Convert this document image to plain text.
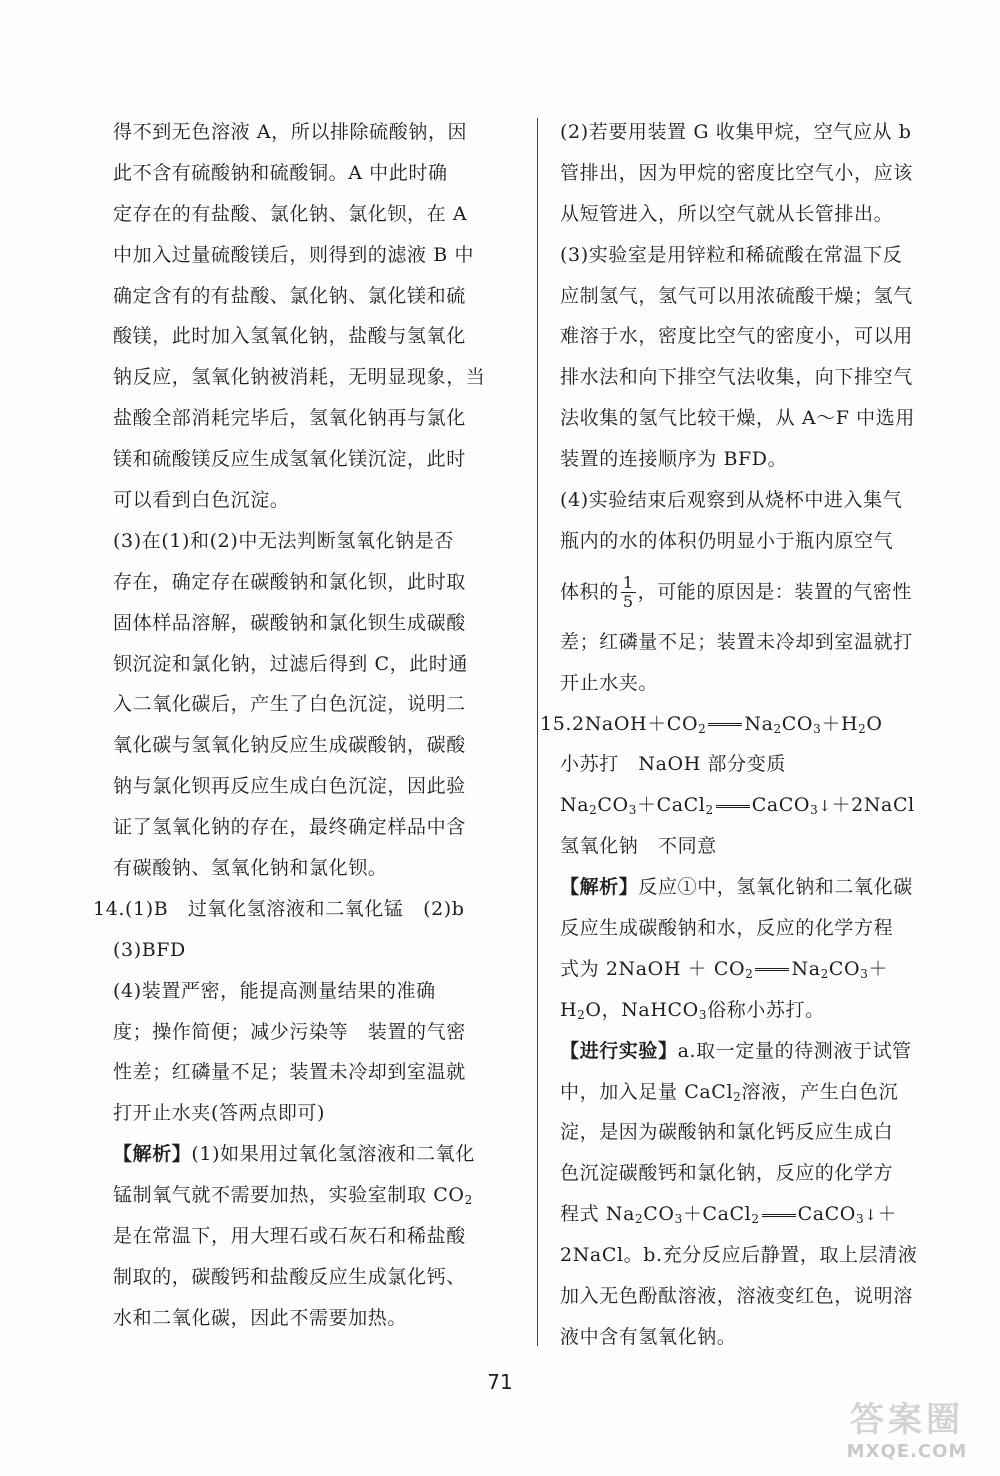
得不到无色溶液 A，所以排除硫酸钠，因
此不含有硫酸钠和硫酸铜。A 中此时确
定存在的有盐酸、氯化钠、氯化钡，在 A
中加入过量硫酸镁后，则得到的滤液 B 中
确定含有的有盐酸、氯化钠、氯化镁和硫
酸镁，此时加入氢氧化钠，盐酸与氢氧化
钠反应，氢氧化钠被消耗，无明显现象，当
盐酸全部消耗完毕后，氢氧化钠再与氯化
镁和硫酸镁反应生成氢氧化镁沉淀，此时
可以看到白色沉淀。
(3)在(1)和(2)中无法判断氢氧化钠是否
存在，确定存在碳酸钠和氯化钡，此时取
固体样品溶解，碳酸钠和氯化钡生成碳酸
钡沉淀和氯化钠，过滤后得到 C，此时通
入二氧化碳后，产生了白色沉淀，说明二
氧化碳与氢氧化钠反应生成碳酸钠，碳酸
钠与氯化钡再反应生成白色沉淀，因此验
证了氢氧化钠的存在，最终确定样品中含
有碳酸钠、氢氧化钠和氯化钡。
14.(1)B　过氧化氢溶液和二氧化锰　(2)b
(3)BFD
(4)装置严密，能提高测量结果的准确
度；操作简便；减少污染等　装置的气密
性差；红磷量不足；装置未冷却到室温就
打开止水夹(答两点即可)
【解析】(1)如果用过氧化氢溶液和二氧化
锰制氧气就不需要加热，实验室制取 $CO_2$
是在常温下，用大理石或石灰石和稀盐酸
制取的，碳酸钙和盐酸反应生成氯化钙、
水和二氧化碳，因此不需要加热。
(2)若要用装置 G 收集甲烷，空气应从 b
管排出，因为甲烷的密度比空气小，应该
从短管进入，所以空气就从长管排出。
(3)实验室是用锌粒和稀硫酸在常温下反
应制氢气，氢气可以用浓硫酸干燥；氢气
难溶于水，密度比空气的密度小，可以用
排水法和向下排空气法收集，向下排空气
法收集的氢气比较干燥，从 A～F 中选用
装置的连接顺序为 BFD。
(4)实验结束后观察到从烧杯中进入集气
瓶内的水的体积仍明显小于瓶内原空气
体积的 $\frac{1}{5}$ ，可能的原因是：装置的气密性
差；红磷量不足；装置未冷却到室温就打
开止水夹。
$15.2NaOH+CO_2$ $Na_2CO_3+H_2O$
小苏打　NaOH 部分变质
$Na_2CO_3+CaCl_2$ CaCO$_3$↓＋2NaCl
氢氧化钠　不同意
【解析】反应①中，氢氧化钠和二氧化碳
反应生成碳酸钠和水，反应的化学方程
式为 2NaOH ＋ $CO_2$ $Na_2CO_3+$
$H_2O$，NaHCO$_3$俗称小苏打。
【进行实验】a.取一定量的待测液于试管
中，加入足量 CaCl$_2$溶液，产生白色沉
淀，是因为碳酸钠和氯化钙反应生成白
色沉淀碳酸钙和氯化钠，反应的化学方
程式 $Na_2CO_3+CaCl_2$ CaCO$_3$↓＋
2NaCl。b.充分反应后静置，取上层清液
加入无色酚酞溶液，溶液变红色，说明溶
液中含有氢氧化钠。
71
答案圈
MXQE.COM
